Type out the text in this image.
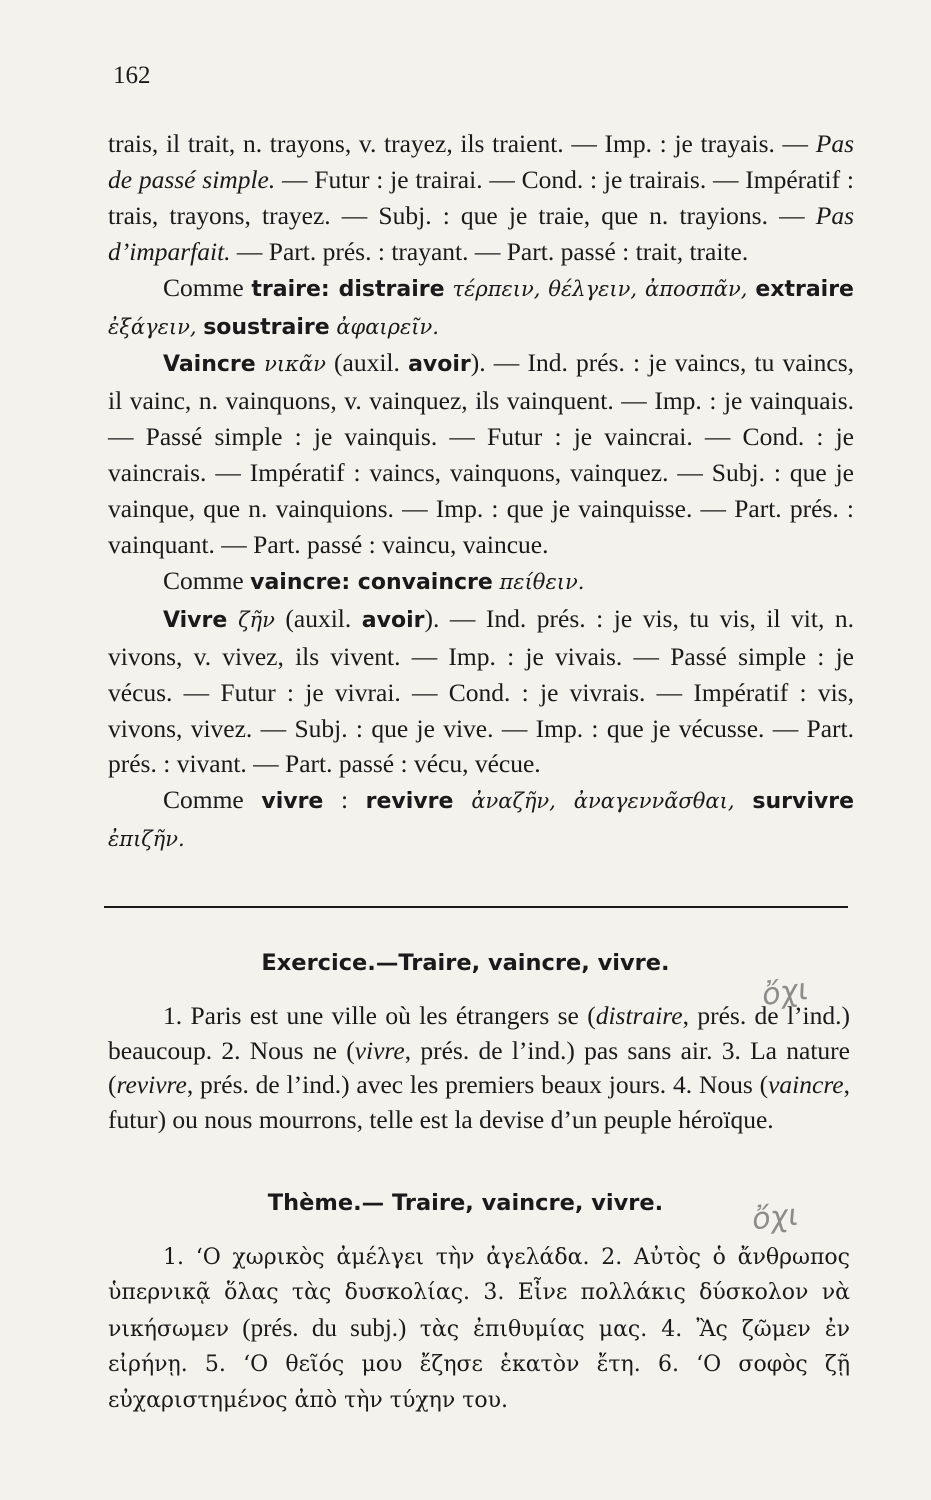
162

trais, il trait, n. trayons, v. trayez, ils traient. — Imp. : je trayais. — Pas de passé simple. — Futur : je trairai. — Cond. : je trairais. — Impératif : trais, trayons, trayez. — Subj. : que je traie, que n. trayions. — Pas d’imparfait. — Part. prés. : trayant. — Part. passé : trait, traite.

Comme traire: distraire τέρπειν, θέλγειν, ἀποσπᾶν, extraire ἐξάγειν, soustraire ἀφαιρεῖν.

Vaincre νικᾶν (auxil. avoir). — Ind. prés. : je vaincs, tu vaincs, il vainc, n. vainquons, v. vainquez, ils vainquent. — Imp. : je vainquais. — Passé simple : je vainquis. — Futur : je vaincrai. — Cond. : je vaincrais. — Impératif : vaincs, vainquons, vainquez. — Subj. : que je vainque, que n. vainquions. — Imp. : que je vainquisse. — Part. prés. : vainquant. — Part. passé : vaincu, vaincue.

Comme vaincre: convaincre πείθειν.

Vivre ζῆν (auxil. avoir). — Ind. prés. : je vis, tu vis, il vit, n. vivons, v. vivez, ils vivent. — Imp. : je vivais. — Passé simple : je vécus. — Futur : je vivrai. — Cond. : je vivrais. — Impératif : vis, vivons, vivez. — Subj. : que je vive. — Imp. : que je vécusse. — Part. prés. : vivant. — Part. passé : vécu, vécue.

Comme vivre : revivre ἀναζῆν, ἀναγεννᾶσθαι, survivre ἐπιζῆν.

Exercice.—Traire, vaincre, vivre.

1. Paris est une ville où les étrangers se (distraire, prés. de l’ind.) beaucoup. 2. Nous ne (vivre, prés. de l’ind.) pas sans air. 3. La nature (revivre, prés. de l’ind.) avec les premiers beaux jours. 4. Nous (vaincre, futur) ou nous mourrons, telle est la devise d’un peuple héroïque.

ὄχι
Thème.— Traire, vaincre, vivre.	ὄχι

1. ‘Ο χωρικὸς ἀμέλγει τὴν ἀγελάδα. 2. Αὐτὸς ὁ ἄνθρωπος ὑπερνικᾷ ὅλας τὰς δυσκολίας. 3. Εἶνε πολλάκις δύσκολον νὰ νικήσωμεν (prés. du subj.) τὰς ἐπιθυμίας μας. 4. Ἂς ζῶμεν ἐν εἰρήνῃ. 5. ‘Ο θεῖός μου ἔζησε ἑκατὸν ἔτη. 6. ‘Ο σοφὸς ζῇ εὐχαριστημένος ἀπὸ τὴν τύχην του.
